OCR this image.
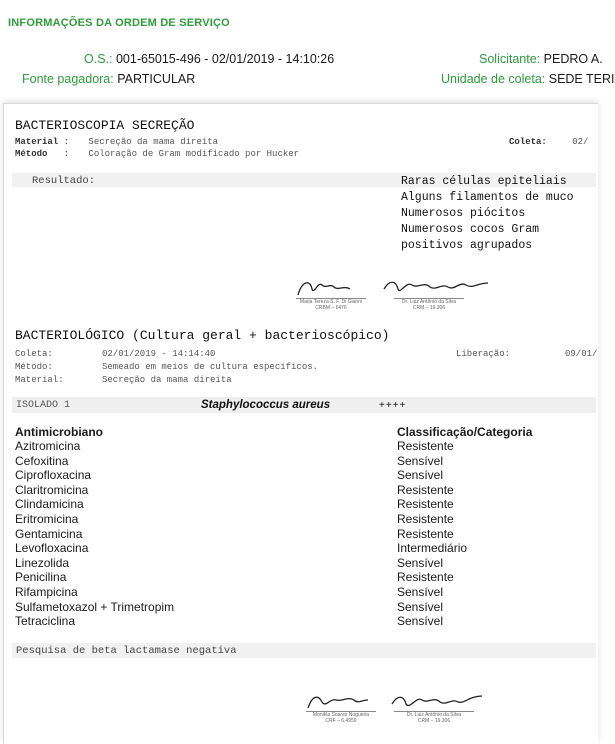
INFORMAÇÕES DA ORDEM DE SERVIÇO
O.S.: 001-65015-496 - 02/01/2019 - 14:10:26	Solicitante: PEDRO A.
Fonte pagadora: PARTICULAR	Unidade de coleta: SEDE TERI
BACTERIOSCOPIA SECREÇÃO
Material : Secreção da mama direita
Método   : Coloração de Gram modificado por Hucker
Coleta:	02/
Resultado:	Raras células epiteliais
Alguns filamentos de muco
Numerosos piócitos
Numerosos cocos Gram
positivos agrupados
Maria Tereza S. F. Di Gianni
CRBM – 6476
Dr. Luiz Antônio da Silva
CRM – 19.306
BACTERIOLÓGICO (Cultura geral + bacterioscópico)
Coleta:	02/01/2019 - 14:14:40	Liberação:	09/01/
Método:	Semeado em meios de cultura específicos.
Material:	Secreção da mama direita
ISOLADO 1	Staphylococcus aureus	++++
Antimicrobiano	Classificação/Categoria
Azitromicina	Resistente
Cefoxitina	Sensível
Ciprofloxacina	Sensível
Claritromicina	Resistente
Clindamicina	Resistente
Eritromicina	Resistente
Gentamicina	Resistente
Levofloxacina	Intermediário
Linezolida	Sensível
Penicilina	Resistente
Rifampicina	Sensível
Sulfametoxazol + Trimetropim	Sensível
Tetraciclina	Sensível
Pesquisa de beta lactamase negativa
Monikla Soares Nogueira
CRF – 6.4959
Dr. Luiz Antônio da Silva
CRM – 19.306
